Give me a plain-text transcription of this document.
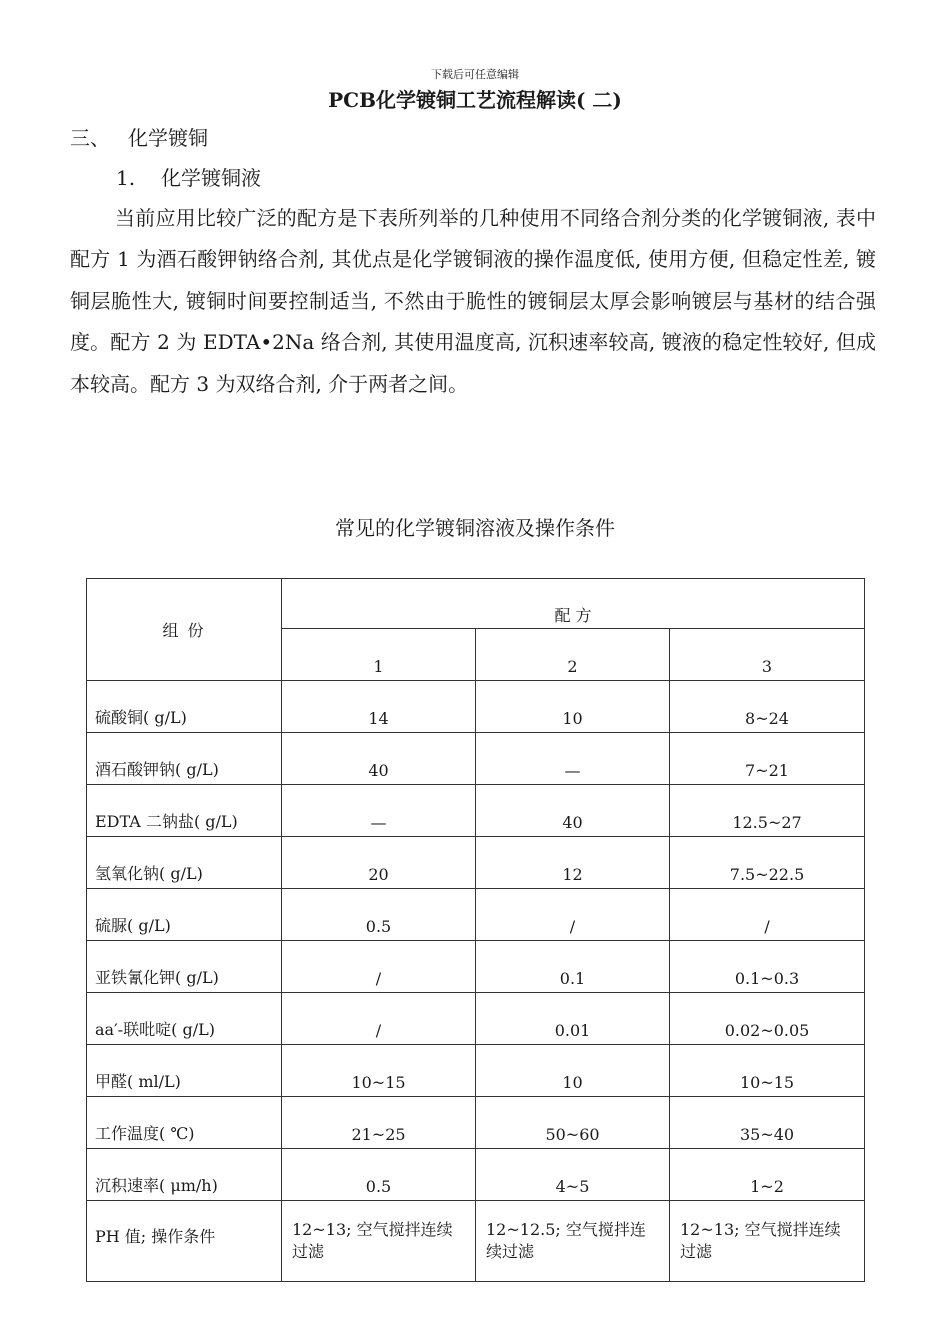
下载后可任意编辑
PCB化学镀铜工艺流程解读( 二)
三、 化学镀铜
1. 化学镀铜液

当前应用比较广泛的配方是下表所列举的几种使用不同络合剂分类的化学镀铜液, 表中配方 1 为酒石酸钾钠络合剂, 其优点是化学镀铜液的操作温度低, 使用方便, 但稳定性差, 镀铜层脆性大, 镀铜时间要控制适当, 不然由于脆性的镀铜层太厚会影响镀层与基材的结合强度。配方 2 为 EDTA•2Na 络合剂, 其使用温度高, 沉积速率较高, 镀液的稳定性较好, 但成本较高。配方 3 为双络合剂, 介于两者之间。

常见的化学镀铜溶液及操作条件
组 份	配 方		
	1	2	3
硫酸铜( g/L)	14	10	8~24
酒石酸钾钠( g/L)	40	—	7~21
EDTA 二钠盐( g/L)	—	40	12.5~27
氢氧化钠( g/L)	20	12	7.5~22.5
硫脲( g/L)	0.5	/	/
亚铁氰化钾( g/L)	/	0.1	0.1~0.3
aa′-联吡啶( g/L)	/	0.01	0.02~0.05
甲醛( ml/L)	10~15	10	10~15
工作温度( ℃)	21~25	50~60	35~40
沉积速率( μm/h)	0.5	4~5	1~2
PH 值; 操作条件	12~13; 空气搅拌连续过滤	12~12.5; 空气搅拌连续过滤	12~13; 空气搅拌连续过滤
